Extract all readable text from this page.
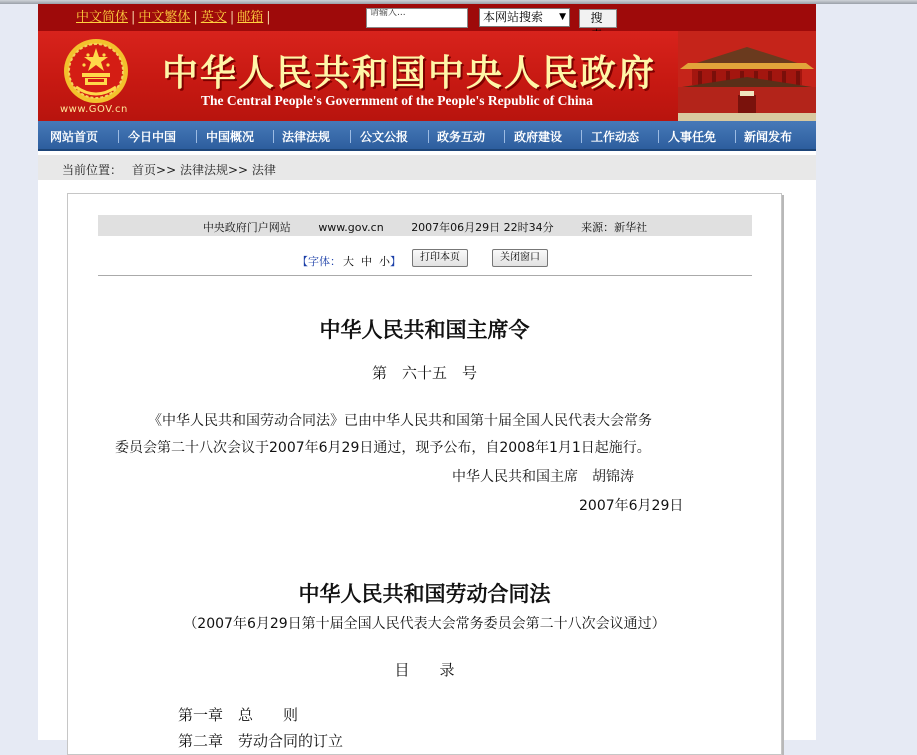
中文简体 | 中文繁体 | 英文 | 邮箱 |	请输入...	本网站搜索 ▼	搜
www.GOV.cn
中华人民共和国中央人民政府
The Central People's Government of the People's Republic of China
网站首页 今日中国 中国概况 法律法规 公文公报 政务互动 政府建设 工作动态 人事任免 新闻发布
当前位置： 首页>> 法律法规>> 法律
中央政府门户网站	www.gov.cn	2007年06月29日 22时34分	来源：新华社
【字体： 大 中 小】	打印本页	关闭窗口
中华人民共和国主席令
第　六十五　号
《中华人民共和国劳动合同法》已由中华人民共和国第十届全国人民代表大会常务
委员会第二十八次会议于2007年6月29日通过，现予公布，自2008年1月1日起施行。
中华人民共和国主席　胡锦涛
2007年6月29日
中华人民共和国劳动合同法
（2007年6月29日第十届全国人民代表大会常务委员会第二十八次会议通过）
目　　录
第一章　总　　则
第二章　劳动合同的订立
